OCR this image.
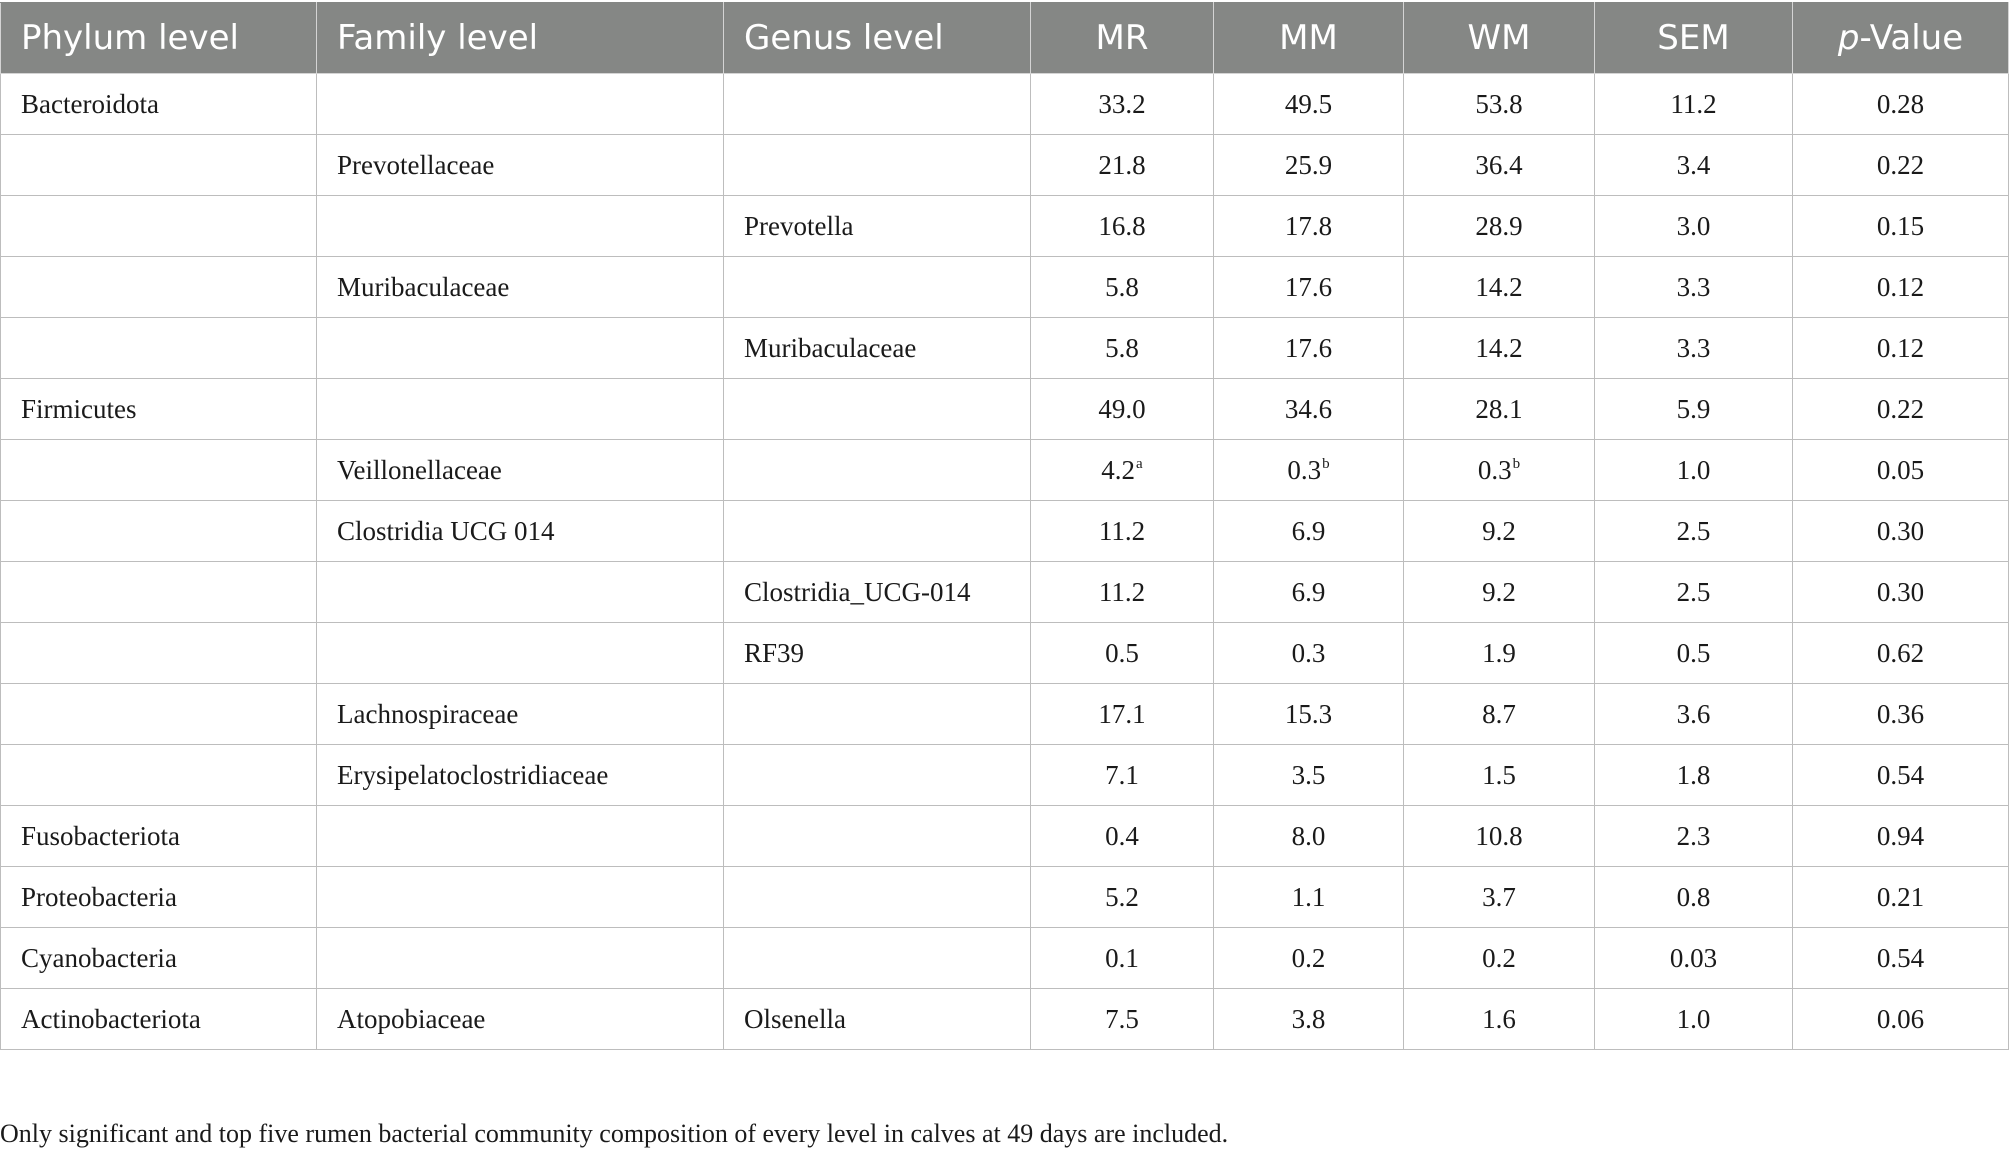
Phylum level	Family level	Genus level	MR	MM	WM	SEM	p-Value
Bacteroidota			33.2	49.5	53.8	11.2	0.28
	Prevotellaceae		21.8	25.9	36.4	3.4	0.22
		Prevotella	16.8	17.8	28.9	3.0	0.15
	Muribaculaceae		5.8	17.6	14.2	3.3	0.12
		Muribaculaceae	5.8	17.6	14.2	3.3	0.12
Firmicutes			49.0	34.6	28.1	5.9	0.22
	Veillonellaceae		4.2$^a$	0.3$^b$	0.3$^b$	1.0	0.05
	Clostridia UCG 014		11.2	6.9	9.2	2.5	0.30
		Clostridia_UCG-014	11.2	6.9	9.2	2.5	0.30
		RF39	0.5	0.3	1.9	0.5	0.62
	Lachnospiraceae		17.1	15.3	8.7	3.6	0.36
	Erysipelatoclostridiaceae		7.1	3.5	1.5	1.8	0.54
Fusobacteriota			0.4	8.0	10.8	2.3	0.94
Proteobacteria			5.2	1.1	3.7	0.8	0.21
Cyanobacteria			0.1	0.2	0.2	0.03	0.54
Actinobacteriota	Atopobiaceae	Olsenella	7.5	3.8	1.6	1.0	0.06
Only significant and top five rumen bacterial community composition of every level in calves at 49 days are included.
